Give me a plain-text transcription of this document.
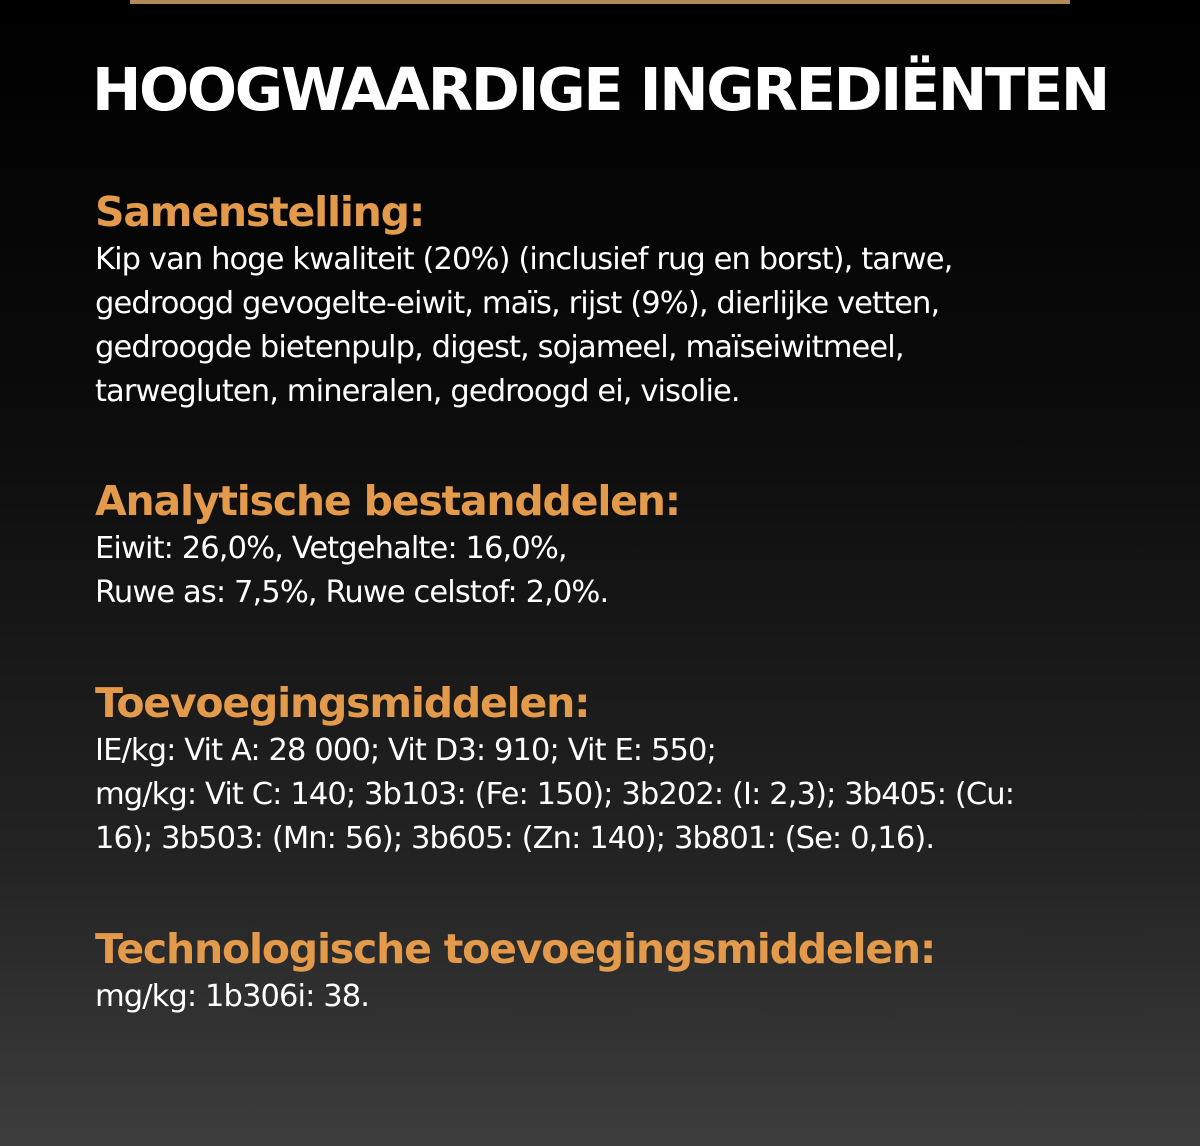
HOOGWAARDIGE INGREDIËNTEN
Samenstelling:

Kip van hoge kwaliteit (20%) (inclusief rug en borst), tarwe,
gedroogd gevogelte-eiwit, maïs, rijst (9%), dierlijke vetten,
gedroogde bietenpulp, digest, sojameel, maïseiwitmeel,
tarwegluten, mineralen, gedroogd ei, visolie.

Analytische bestanddelen:

Eiwit: 26,0%, Vetgehalte: 16,0%,
Ruwe as: 7,5%, Ruwe celstof: 2,0%.

Toevoegingsmiddelen:

IE/kg: Vit A: 28 000; Vit D3: 910; Vit E: 550;
mg/kg: Vit C: 140; 3b103: (Fe: 150); 3b202: (I: 2,3); 3b405: (Cu:
16); 3b503: (Mn: 56); 3b605: (Zn: 140); 3b801: (Se: 0,16).

Technologische toevoegingsmiddelen:

mg/kg: 1b306i: 38.
